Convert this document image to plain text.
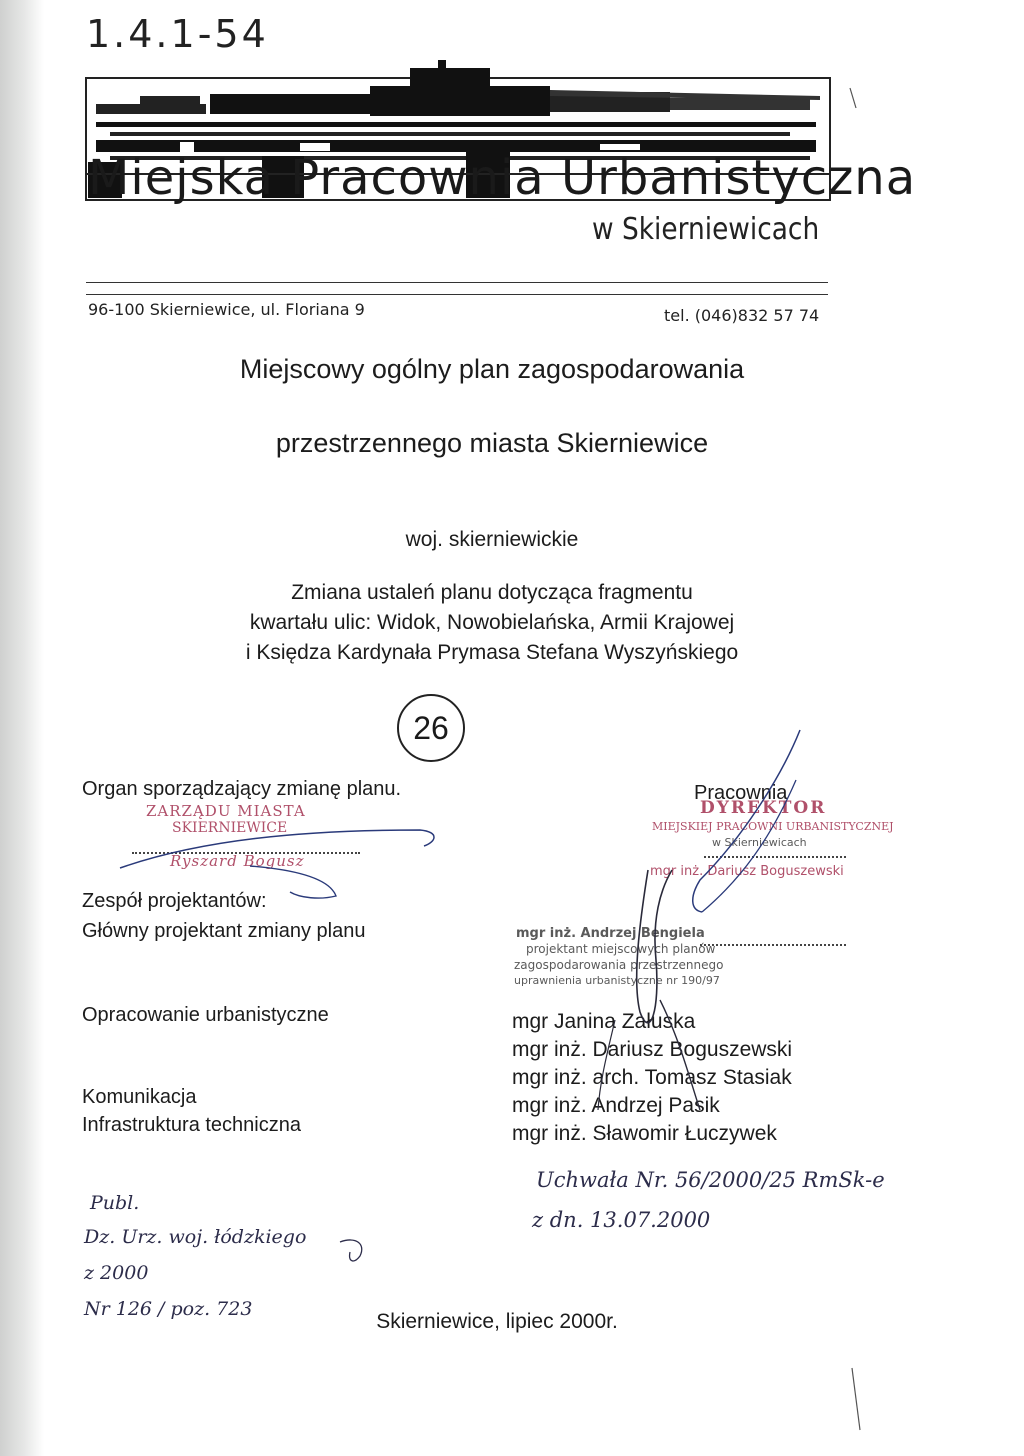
1.4.1-54
Miejska Pracownia Urbanistyczna
w Skierniewicach
96-100 Skierniewice, ul. Floriana 9	tel. (046)832 57 74
Miejscowy ogólny plan zagospodarowania
przestrzennego miasta Skierniewice
woj. skierniewickie
Zmiana ustaleń planu dotycząca fragmentu
kwartału ulic: Widok, Nowobielańska, Armii Krajowej
i Księdza Kardynała Prymasa Stefana Wyszyńskiego
26
Organ sporządzający zmianę planu.
ZARZĄDU MIASTA
SKIERNIEWICE
Ryszard Bogusz
Pracownia
DYREKTOR
MIEJSKIEJ PRACOWNI URBANISTYCZNEJ
w Skierniewicach
mgr inż. Dariusz Boguszewski
Zespół projektantów:
Główny projektant zmiany planu	mgr inż. Andrzej Bengiela
projektant miejscowych planów
zagospodarowania przestrzennego
uprawnienia urbanistyczne nr 190/97
Opracowanie urbanistyczne
Komunikacja
Infrastruktura techniczna
mgr Janina Załuska
mgr inż. Dariusz Boguszewski
mgr inż. arch. Tomasz Stasiak
mgr inż. Andrzej Pasik
mgr inż. Sławomir Łuczywek
Uchwała Nr. 56/2000/25 RmSk-e
z dn. 13.07.2000
Publ.
Dz. Urz. woj. łódzkiego
z 2000
Nr 126 / poz. 723
Skierniewice, lipiec 2000r.
